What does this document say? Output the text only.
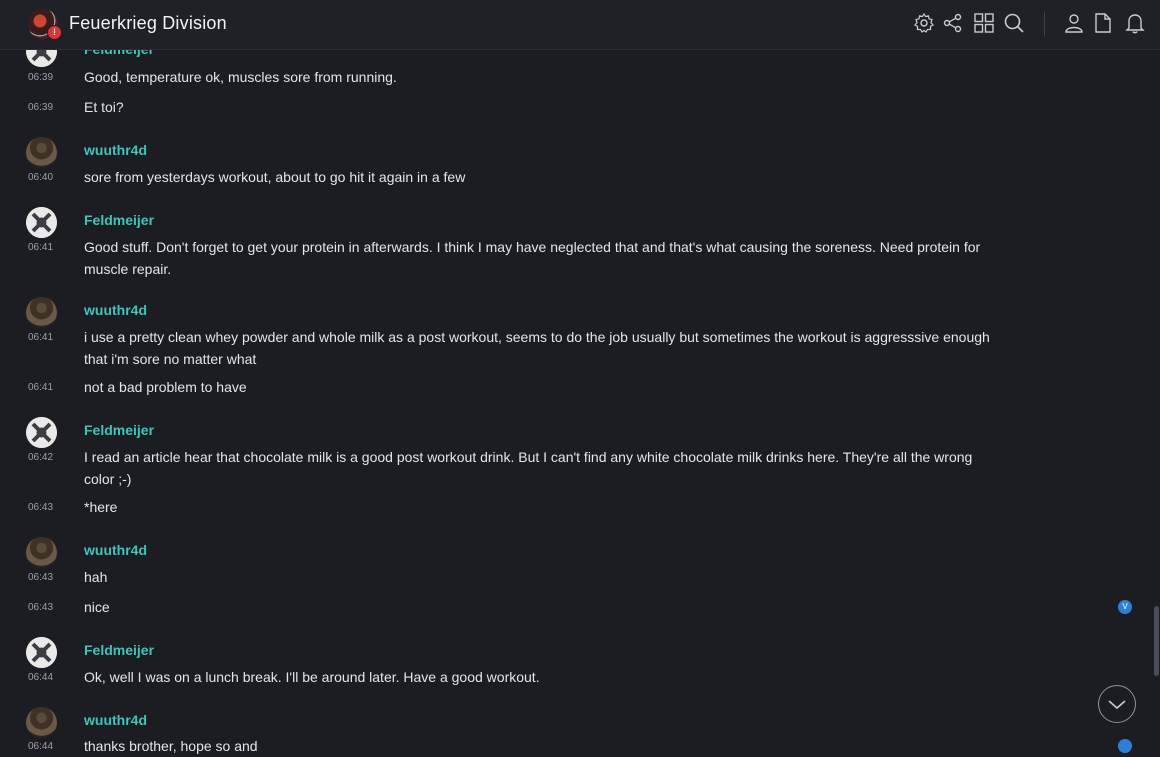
06:39 Good, temperature ok, muscles sore from running.
06:39 Et toi?
wuuthr4d
06:40 sore from yesterdays workout, about to go hit it again in a few
Feldmeijer
06:41 Good stuff. Don't forget to get your protein in afterwards. I think I may have neglected that and that's what causing the soreness. Need protein for muscle repair.
wuuthr4d
06:41 i use a pretty clean whey powder and whole milk as a post workout, seems to do the job usually but sometimes the workout is aggresssive enough that i'm sore no matter what
06:41 not a bad problem to have
Feldmeijer
06:42 I read an article hear that chocolate milk is a good post workout drink. But I can't find any white chocolate milk drinks here. They're all the wrong color ;-)
06:43 *here
wuuthr4d
06:43 hah
06:43 nice	V
Feldmeijer
06:44 Ok, well I was on a lunch break. I'll be around later. Have a good workout.
wuuthr4d
06:44 thanks brother, hope so and
! Feuerkrieg Division
